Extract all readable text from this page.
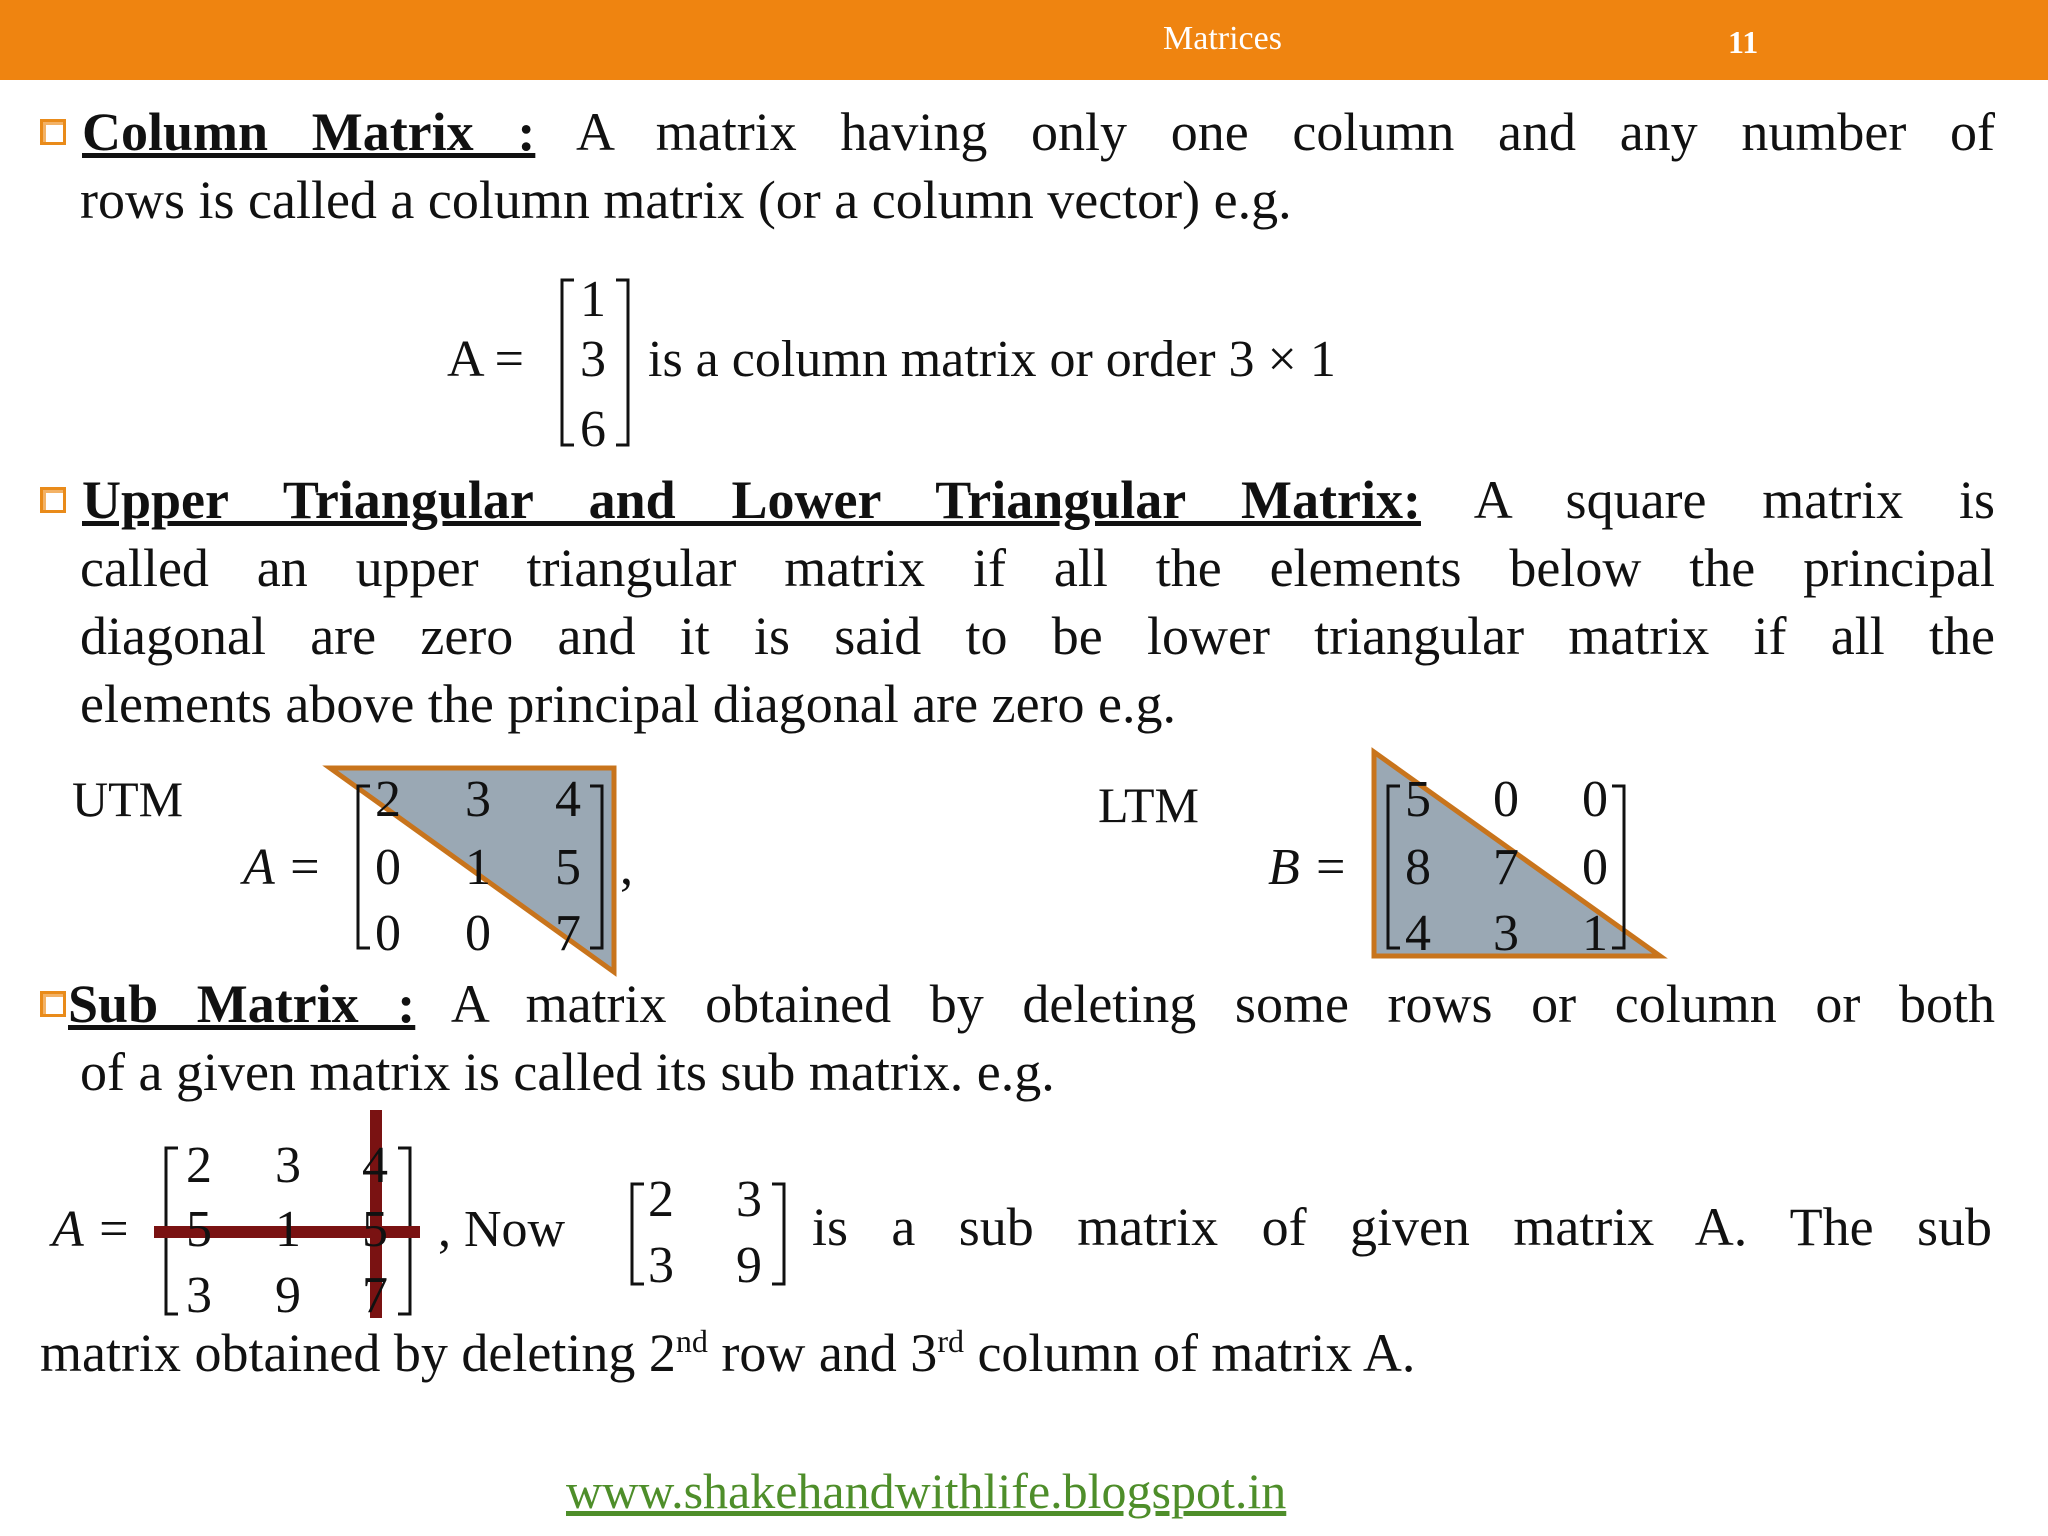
Matrices	11
Column Matrix : A matrix having only one column and any number of
rows is called a column matrix (or a column vector) e.g.
A =
1
3
6
is a column matrix or order 3 × 1
Upper Triangular and Lower Triangular Matrix: A square matrix is
called an upper triangular matrix if all the elements below the principal
diagonal are zero and it is said to be lower triangular matrix if all the
elements above the principal diagonal are zero e.g.
UTM
A =
2 3 4
0 1 5
0 0 7
,
LTM
B =
5 0 0
8 7 0
4 3 1
Sub Matrix : A matrix obtained by deleting some rows or column or both
of a given matrix is called its sub matrix. e.g.
A =
2 3 4
5 1 5
3 9 7
, Now
2 3
3 9
is a sub matrix of given matrix A. The sub
matrix obtained by deleting 2nd row and 3rd column of matrix A.
www.shakehandwithlife.blogspot.in
